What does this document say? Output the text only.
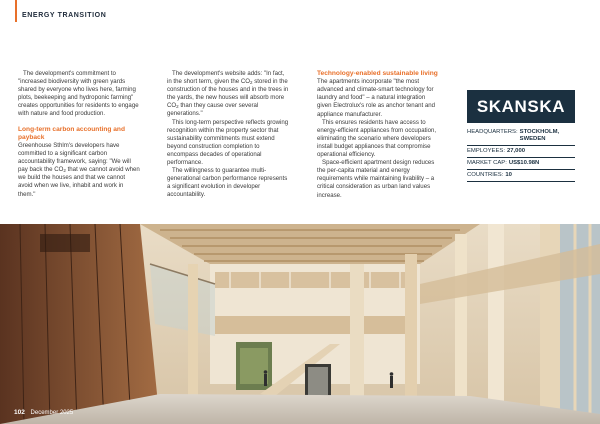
ENERGY TRANSITION

The development's commitment to "increased biodiversity with green yards shared by everyone who lives here, farming plots, beekeeping and hydroponic farming" creates opportunities for residents to engage with nature and food production.

Long-term carbon accounting and payback

Greenhouse Sthlm's developers have committed to a significant carbon accountability framework, saying: "We will pay back the $CO_2$ that we cannot avoid when we build the houses and that we cannot avoid when we live, inhabit and work in them."

The development's website adds: "In fact, in the short term, given the $CO_2$ stored in the construction of the houses and in the trees in the yards, the new houses will absorb more $CO_2$ than they cause over several generations."

This long-term perspective reflects growing recognition within the property sector that sustainability commitments must extend beyond construction completion to encompass decades of operational performance.

The willingness to guarantee multi-generational carbon performance represents a significant evolution in developer accountability.

Technology-enabled sustainable living

The apartments incorporate "the most advanced and climate-smart technology for laundry and food" – a natural integration given Electrolux's role as anchor tenant and appliance manufacturer.

This ensures residents have access to energy-efficient appliances from occupation, eliminating the scenario where developers install budget appliances that compromise operational efficiency.

Space-efficient apartment design reduces the per-capita material and energy requirements while maintaining livability – a critical consideration as urban land values increase.

SKANSKA
HEADQUARTERS: STOCKHOLM, SWEDEN
EMPLOYEES: 27,000
MARKET CAP: US$10.98N
COUNTRIES: 10
102 December 2025
